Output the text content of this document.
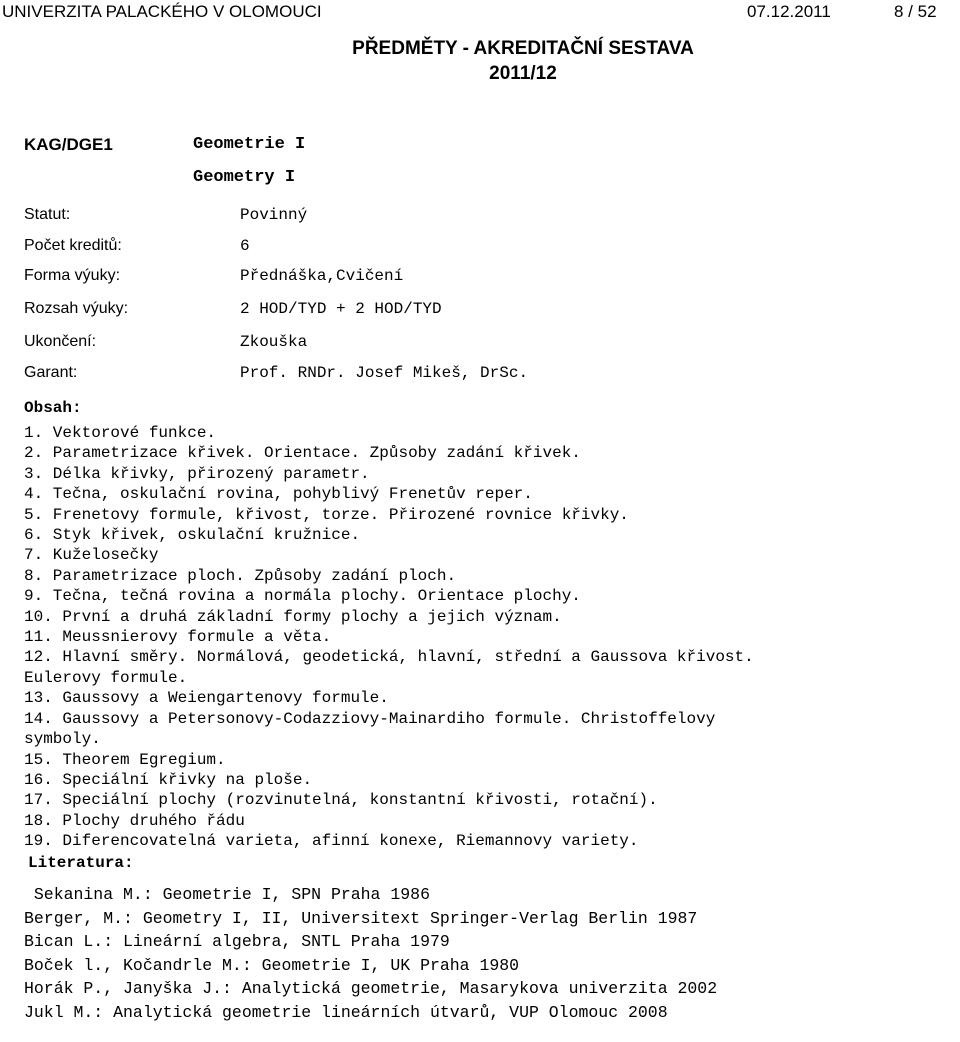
UNIVERZITA PALACKÉHO V OLOMOUCI	07.12.2011	8 / 52
PŘEDMĚTY - AKREDITAČNÍ SESTAVA
2011/12
KAG/DGE1	Geometrie I
Geometry I
Statut:	Povinný
Počet kreditů:	6
Forma výuky:	Přednáška,Cvičení
Rozsah výuky:	2 HOD/TYD + 2 HOD/TYD
Ukončení:	Zkouška
Garant:	Prof. RNDr. Josef Mikeš, DrSc.
Obsah:
1. Vektorové funkce.
2. Parametrizace křivek. Orientace. Způsoby zadání křivek.
3. Délka křivky, přirozený parametr.
4. Tečna, oskulační rovina, pohyblivý Frenetův reper.
5. Frenetovy formule, křivost, torze. Přirozené rovnice křivky.
6. Styk křivek, oskulační kružnice.
7. Kuželosečky
8. Parametrizace ploch. Způsoby zadání ploch.
9. Tečna, tečná rovina a normála plochy. Orientace plochy.
10. První a druhá základní formy plochy a jejich význam.
11. Meussnierovy formule a věta.
12. Hlavní směry. Normálová, geodetická, hlavní, střední a Gaussova křivost.
Eulerovy formule.
13. Gaussovy a Weiengartenovy formule.
14. Gaussovy a Petersonovy-Codazziovy-Mainardiho formule. Christoffelovy
symboly.
15. Theorem Egregium.
16. Speciální křivky na ploše.
17. Speciální plochy (rozvinutelná, konstantní křivosti, rotační).
18. Plochy druhého řádu
19. Diferencovatelná varieta, afinní konexe, Riemannovy variety.
Literatura:
Sekanina M.: Geometrie I, SPN Praha 1986
Berger, M.: Geometry I, II, Universitext Springer-Verlag Berlin 1987
Bican L.: Lineární algebra, SNTL Praha 1979
Boček l., Kočandrle M.: Geometrie I, UK Praha 1980
Horák P., Janyška J.: Analytická geometrie, Masarykova univerzita 2002
Jukl M.: Analytická geometrie lineárních útvarů, VUP Olomouc 2008
